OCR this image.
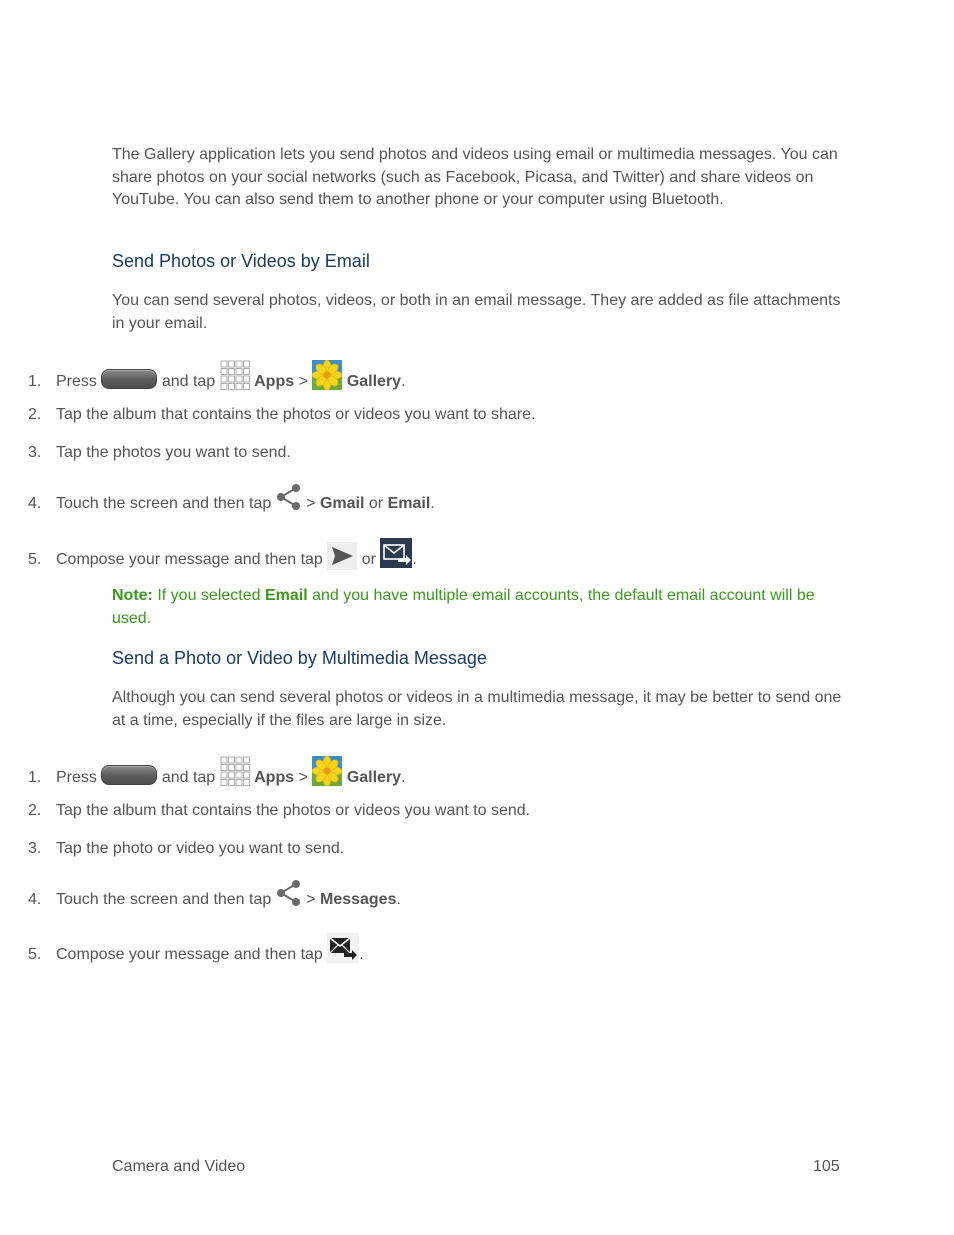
The Gallery application lets you send photos and videos using email or multimedia messages. You can share photos on your social networks (such as Facebook, Picasa, and Twitter) and share videos on YouTube. You can also send them to another phone or your computer using Bluetooth.

Send Photos or Videos by Email

You can send several photos, videos, or both in an email message. They are added as file attachments in your email.

1. Press	and tap Apps > Gallery.
2. Tap the album that contains the photos or videos you want to share.
3. Tap the photos you want to send.
4. Touch the screen and then tap > Gmail or Email.
5. Compose your message and then tap or .

Note: If you selected Email and you have multiple email accounts, the default email account will be used.

Send a Photo or Video by Multimedia Message

Although you can send several photos or videos in a multimedia message, it may be better to send one at a time, especially if the files are large in size.

1. Press	and tap Apps > Gallery.
2. Tap the album that contains the photos or videos you want to send.
3. Tap the photo or video you want to send.
4. Touch the screen and then tap > Messages.
5. Compose your message and then tap .
Camera and Video	105
